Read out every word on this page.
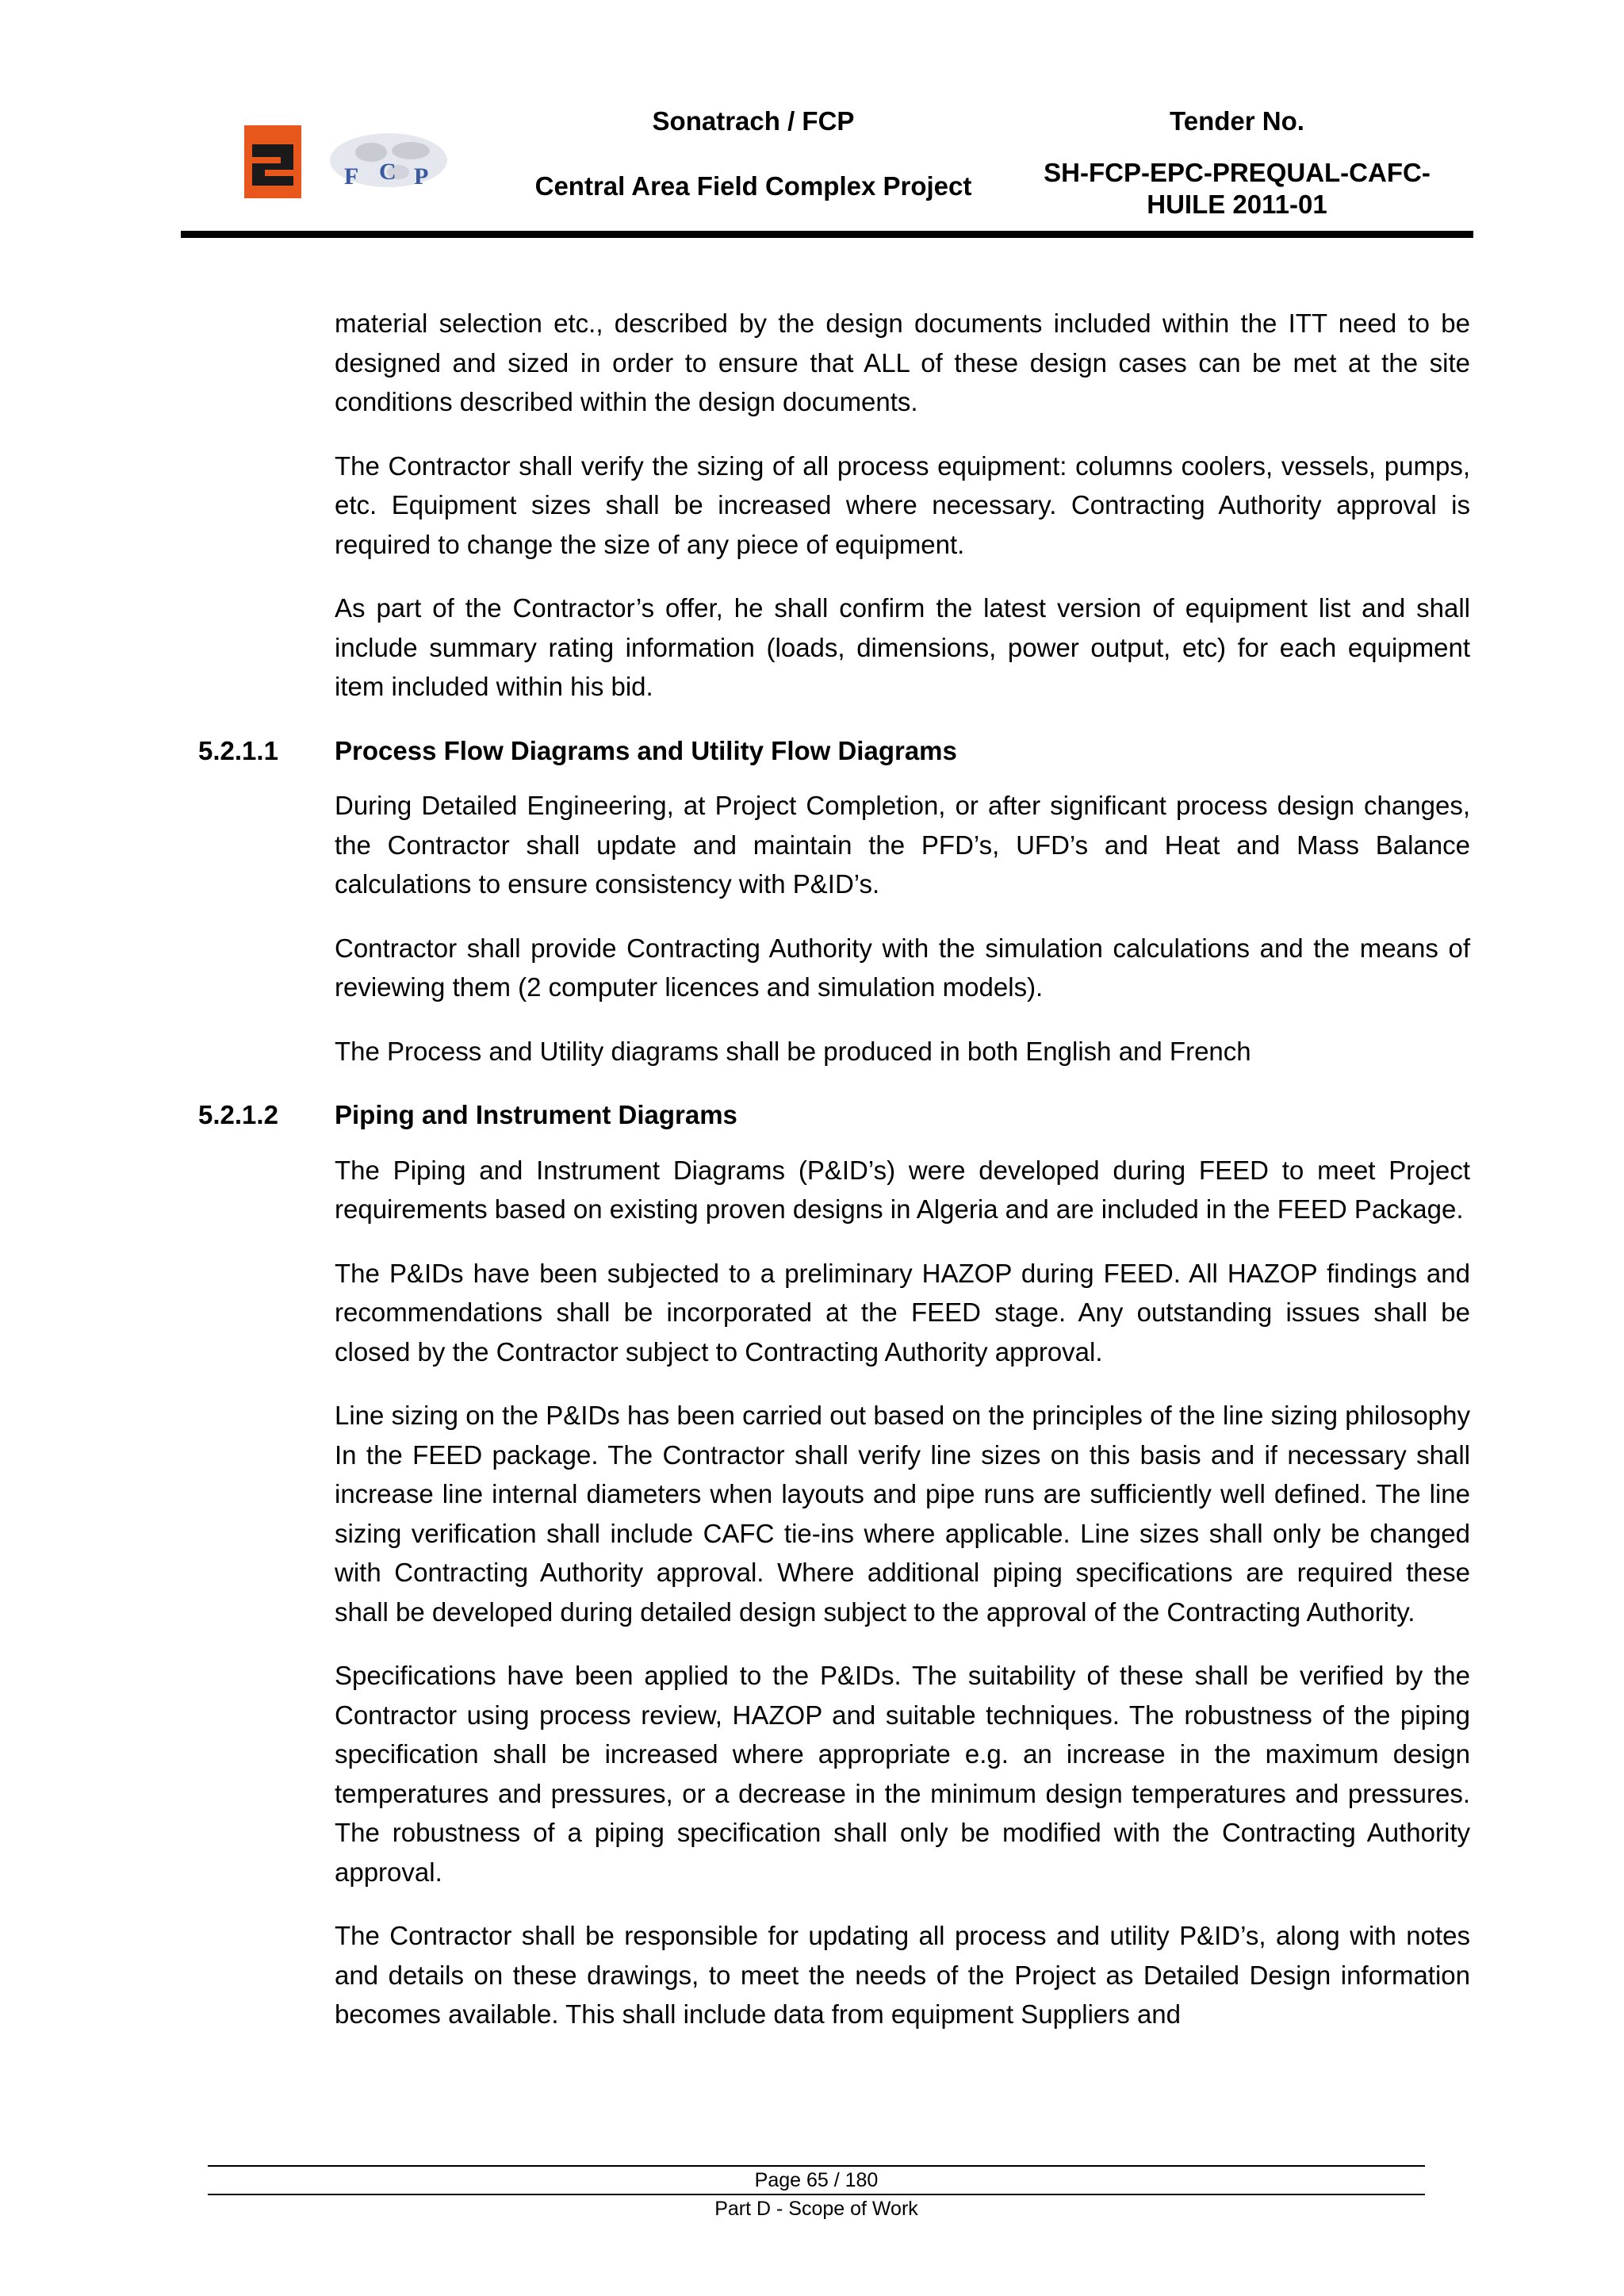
F C P
Sonatrach / FCP
Central Area Field Complex Project
Tender No.
SH-FCP-EPC-PREQUAL-CAFC-
HUILE 2011-01

material selection etc., described by the design documents included within the ITT need to be designed and sized in order to ensure that ALL of these design cases can be met at the site conditions described within the design documents.

The Contractor shall verify the sizing of all process equipment: columns coolers, vessels, pumps, etc. Equipment sizes shall be increased where necessary. Contracting Authority approval is required to change the size of any piece of equipment.

As part of the Contractor’s offer, he shall confirm the latest version of equipment list and shall include summary rating information (loads, dimensions, power output, etc) for each equipment item included within his bid.

5.2.1.1 Process Flow Diagrams and Utility Flow Diagrams

During Detailed Engineering, at Project Completion, or after significant process design changes, the Contractor shall update and maintain the PFD’s, UFD’s and Heat and Mass Balance calculations to ensure consistency with P&ID’s.

Contractor shall provide Contracting Authority with the simulation calculations and the means of reviewing them (2 computer licences and simulation models).

The Process and Utility diagrams shall be produced in both English and French

5.2.1.2 Piping and Instrument Diagrams

The Piping and Instrument Diagrams (P&ID’s) were developed during FEED to meet Project requirements based on existing proven designs in Algeria and are included in the FEED Package.

The P&IDs have been subjected to a preliminary HAZOP during FEED. All HAZOP findings and recommendations shall be incorporated at the FEED stage. Any outstanding issues shall be closed by the Contractor subject to Contracting Authority approval.

Line sizing on the P&IDs has been carried out based on the principles of the line sizing philosophy In the FEED package. The Contractor shall verify line sizes on this basis and if necessary shall increase line internal diameters when layouts and pipe runs are sufficiently well defined. The line sizing verification shall include CAFC tie-ins where applicable. Line sizes shall only be changed with Contracting Authority approval. Where additional piping specifications are required these shall be developed during detailed design subject to the approval of the Contracting Authority.

Specifications have been applied to the P&IDs. The suitability of these shall be verified by the Contractor using process review, HAZOP and suitable techniques. The robustness of the piping specification shall be increased where appropriate e.g. an increase in the maximum design temperatures and pressures, or a decrease in the minimum design temperatures and pressures. The robustness of a piping specification shall only be modified with the Contracting Authority approval.

The Contractor shall be responsible for updating all process and utility P&ID’s, along with notes and details on these drawings, to meet the needs of the Project as Detailed Design information becomes available. This shall include data from equipment Suppliers and

Page 65 / 180
Part D - Scope of Work
